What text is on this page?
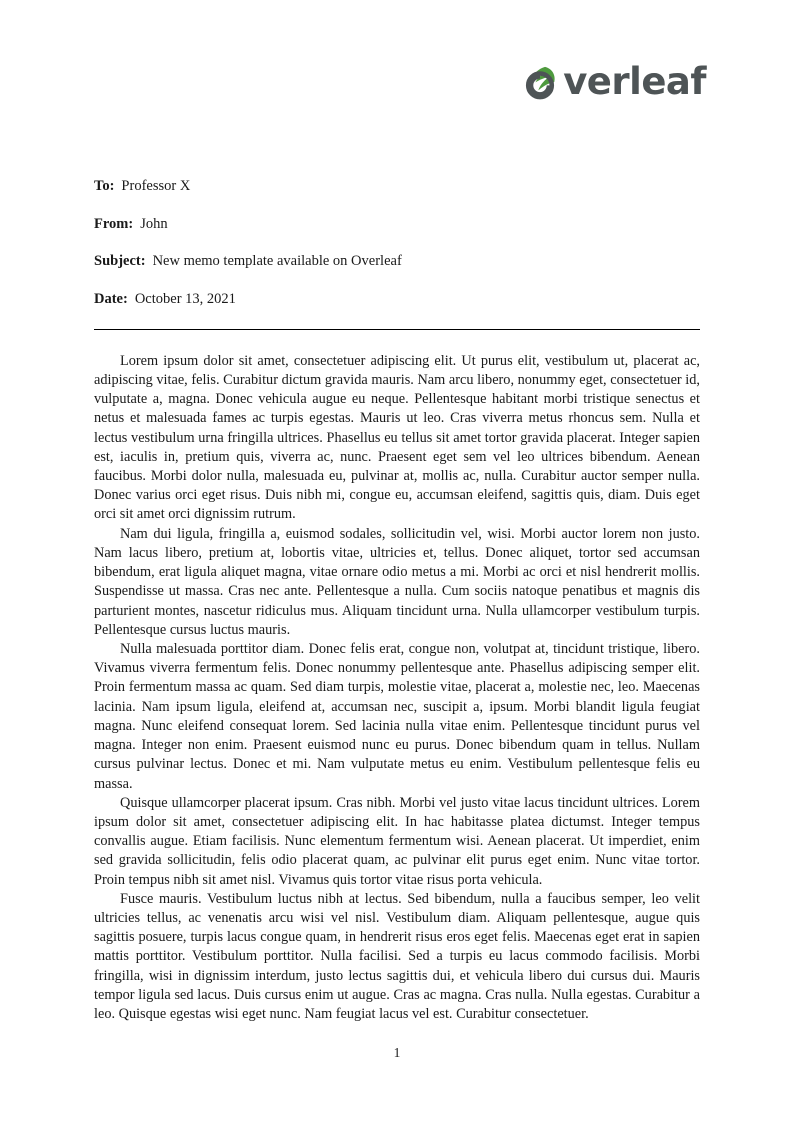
verleaf

To: Professor X

From: John

Subject: New memo template available on Overleaf

Date: October 13, 2021

Lorem ipsum dolor sit amet, consectetuer adipiscing elit. Ut purus elit, vestibulum ut, placerat ac, adipiscing vitae, felis. Curabitur dictum gravida mauris. Nam arcu libero, nonummy eget, consectetuer id, vulputate a, magna. Donec vehicula augue eu neque. Pellentesque habitant morbi tristique senectus et netus et malesuada fames ac turpis egestas. Mauris ut leo. Cras viverra metus rhoncus sem. Nulla et lectus vestibulum urna fringilla ultrices. Phasellus eu tellus sit amet tortor gravida placerat. Integer sapien est, iaculis in, pretium quis, viverra ac, nunc. Praesent eget sem vel leo ultrices bibendum. Aenean faucibus. Morbi dolor nulla, malesuada eu, pulvinar at, mollis ac, nulla. Curabitur auctor semper nulla. Donec varius orci eget risus. Duis nibh mi, congue eu, accumsan eleifend, sagittis quis, diam. Duis eget orci sit amet orci dignissim rutrum.

Nam dui ligula, fringilla a, euismod sodales, sollicitudin vel, wisi. Morbi auctor lorem non justo. Nam lacus libero, pretium at, lobortis vitae, ultricies et, tellus. Donec aliquet, tortor sed accumsan bibendum, erat ligula aliquet magna, vitae ornare odio metus a mi. Morbi ac orci et nisl hendrerit mollis. Suspendisse ut massa. Cras nec ante. Pellentesque a nulla. Cum sociis natoque penatibus et magnis dis parturient montes, nascetur ridiculus mus. Aliquam tincidunt urna. Nulla ullamcorper vestibulum turpis. Pellentesque cursus luctus mauris.

Nulla malesuada porttitor diam. Donec felis erat, congue non, volutpat at, tincidunt tristique, libero. Vivamus viverra fermentum felis. Donec nonummy pellentesque ante. Phasellus adipiscing semper elit. Proin fermentum massa ac quam. Sed diam turpis, molestie vitae, placerat a, molestie nec, leo. Maecenas lacinia. Nam ipsum ligula, eleifend at, accumsan nec, suscipit a, ipsum. Morbi blandit ligula feugiat magna. Nunc eleifend consequat lorem. Sed lacinia nulla vitae enim. Pellentesque tincidunt purus vel magna. Integer non enim. Praesent euismod nunc eu purus. Donec bibendum quam in tellus. Nullam cursus pulvinar lectus. Donec et mi. Nam vulputate metus eu enim. Vestibulum pellentesque felis eu massa.

Quisque ullamcorper placerat ipsum. Cras nibh. Morbi vel justo vitae lacus tincidunt ultrices. Lorem ipsum dolor sit amet, consectetuer adipiscing elit. In hac habitasse platea dictumst. Integer tempus convallis augue. Etiam facilisis. Nunc elementum fermentum wisi. Aenean placerat. Ut imperdiet, enim sed gravida sollicitudin, felis odio placerat quam, ac pulvinar elit purus eget enim. Nunc vitae tortor. Proin tempus nibh sit amet nisl. Vivamus quis tortor vitae risus porta vehicula.

Fusce mauris. Vestibulum luctus nibh at lectus. Sed bibendum, nulla a faucibus semper, leo velit ultricies tellus, ac venenatis arcu wisi vel nisl. Vestibulum diam. Aliquam pellentesque, augue quis sagittis posuere, turpis lacus congue quam, in hendrerit risus eros eget felis. Maecenas eget erat in sapien mattis porttitor. Vestibulum porttitor. Nulla facilisi. Sed a turpis eu lacus commodo facilisis. Morbi fringilla, wisi in dignissim interdum, justo lectus sagittis dui, et vehicula libero dui cursus dui. Mauris tempor ligula sed lacus. Duis cursus enim ut augue. Cras ac magna. Cras nulla. Nulla egestas. Curabitur a leo. Quisque egestas wisi eget nunc. Nam feugiat lacus vel est. Curabitur consectetuer.

1
